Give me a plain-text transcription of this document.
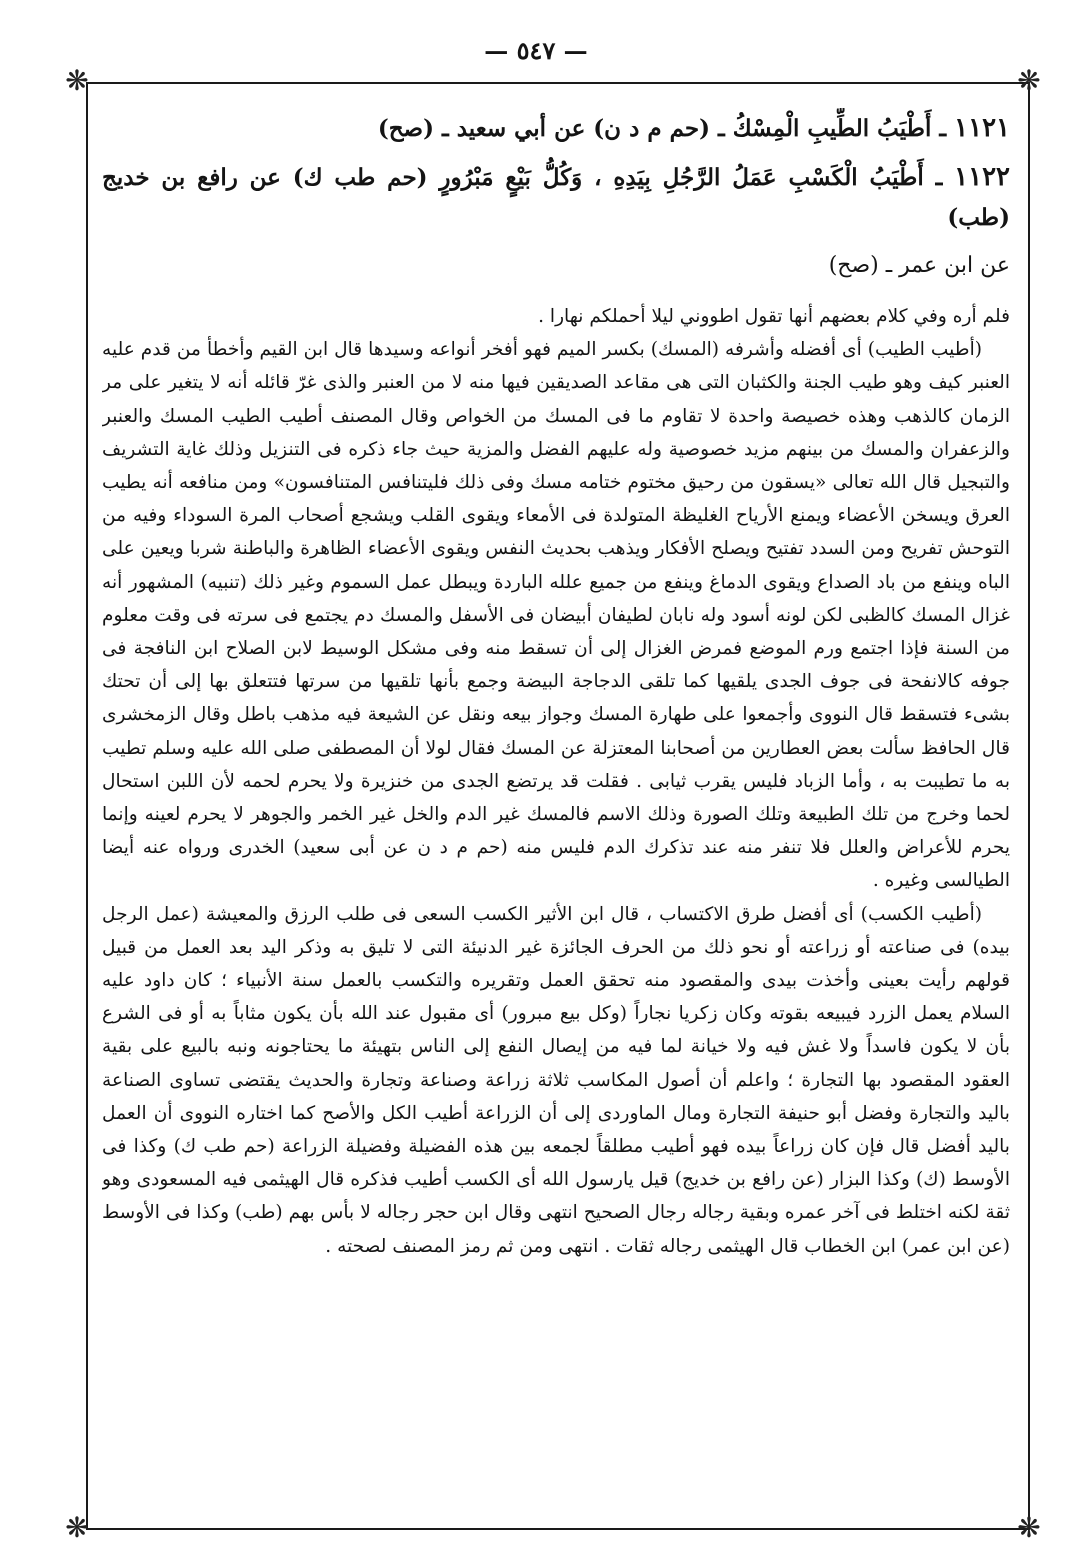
— ٥٤٧ —
❋	❋
❋	❋

١١٢١ ـ أَطْيَبُ الطِّيبِ الْمِسْكُ ـ (حم م د ن) عن أبي سعيد ـ (صح)

١١٢٢ ـ أَطْيَبُ الْكَسْبِ عَمَلُ الرَّجُلِ بِيَدِهِ ، وَكُلُّ بَيْعٍ مَبْرُورٍ (حم طب ك) عن رافع بن خديج (طب)

عن ابن عمر ـ (صح)

فلم أره وفي كلام بعضهم أنها تقول اطووني ليلا أحملكم نهارا .

(أطيب الطيب) أى أفضله وأشرفه (المسك) بكسر الميم فهو أفخر أنواعه وسيدها قال ابن القيم وأخطأ من قدم عليه العنبر كيف وهو طيب الجنة والكثبان التى هى مقاعد الصديقين فيها منه لا من العنبر والذى غرّ قائله أنه لا يتغير على مر الزمان كالذهب وهذه خصيصة واحدة لا تقاوم ما فى المسك من الخواص وقال المصنف أطيب الطيب المسك والعنبر والزعفران والمسك من بينهم مزيد خصوصية وله عليهم الفضل والمزية حيث جاء ذكره فى التنزيل وذلك غاية التشريف والتبجيل قال الله تعالى «يسقون من رحيق مختوم ختامه مسك وفى ذلك فليتنافس المتنافسون» ومن منافعه أنه يطيب العرق ويسخن الأعضاء ويمنع الأرياح الغليظة المتولدة فى الأمعاء ويقوى القلب ويشجع أصحاب المرة السوداء وفيه من التوحش تفريح ومن السدد تفتيح ويصلح الأفكار ويذهب بحديث النفس ويقوى الأعضاء الظاهرة والباطنة شربا ويعين على الباه وينفع من باد الصداع ويقوى الدماغ وينفع من جميع علله الباردة ويبطل عمل السموم وغير ذلك (تنبيه) المشهور أنه غزال المسك كالظبى لكن لونه أسود وله نابان لطيفان أبيضان فى الأسفل والمسك دم يجتمع فى سرته فى وقت معلوم من السنة فإذا اجتمع ورم الموضع فمرض الغزال إلى أن تسقط منه وفى مشكل الوسيط لابن الصلاح ابن النافجة فى جوفه كالانفحة فى جوف الجدى يلقيها كما تلقى الدجاجة البيضة وجمع بأنها تلقيها من سرتها فتتعلق بها إلى أن تحتك بشىء فتسقط قال النووى وأجمعوا على طهارة المسك وجواز بيعه ونقل عن الشيعة فيه مذهب باطل وقال الزمخشرى قال الحافظ سألت بعض العطارين من أصحابنا المعتزلة عن المسك فقال لولا أن المصطفى صلى الله عليه وسلم تطيب به ما تطيبت به ، وأما الزباد فليس يقرب ثيابى . فقلت قد يرتضع الجدى من خنزيرة ولا يحرم لحمه لأن اللبن استحال لحما وخرج من تلك الطبيعة وتلك الصورة وذلك الاسم فالمسك غير الدم والخل غير الخمر والجوهر لا يحرم لعينه وإنما يحرم للأعراض والعلل فلا تنفر منه عند تذكرك الدم فليس منه (حم م د ن عن أبى سعيد) الخدرى ورواه عنه أيضا الطيالسى وغيره .

(أطيب الكسب) أى أفضل طرق الاكتساب ، قال ابن الأثير الكسب السعى فى طلب الرزق والمعيشة (عمل الرجل بيده) فى صناعته أو زراعته أو نحو ذلك من الحرف الجائزة غير الدنيئة التى لا تليق به وذكر اليد بعد العمل من قبيل قولهم رأيت بعينى وأخذت بيدى والمقصود منه تحقق العمل وتقريره والتكسب بالعمل سنة الأنبياء ؛ كان داود عليه السلام يعمل الزرد فيبيعه بقوته وكان زكريا نجاراً (وكل بيع مبرور) أى مقبول عند الله بأن يكون مثاباً به أو فى الشرع بأن لا يكون فاسداً ولا غش فيه ولا خيانة لما فيه من إيصال النفع إلى الناس بتهيئة ما يحتاجونه ونبه بالبيع على بقية العقود المقصود بها التجارة ؛ واعلم أن أصول المكاسب ثلاثة زراعة وصناعة وتجارة والحديث يقتضى تساوى الصناعة باليد والتجارة وفضل أبو حنيفة التجارة ومال الماوردى إلى أن الزراعة أطيب الكل والأصح كما اختاره النووى أن العمل باليد أفضل قال فإن كان زراعاً بيده فهو أطيب مطلقاً لجمعه بين هذه الفضيلة وفضيلة الزراعة (حم طب ك) وكذا فى الأوسط (ك) وكذا البزار (عن رافع بن خديج) قيل يارسول الله أى الكسب أطيب فذكره قال الهيثمى فيه المسعودى وهو ثقة لكنه اختلط فى آخر عمره وبقية رجاله رجال الصحيح انتهى وقال ابن حجر رجاله لا بأس بهم (طب) وكذا فى الأوسط (عن ابن عمر) ابن الخطاب قال الهيثمى رجاله ثقات . انتهى ومن ثم رمز المصنف لصحته .
